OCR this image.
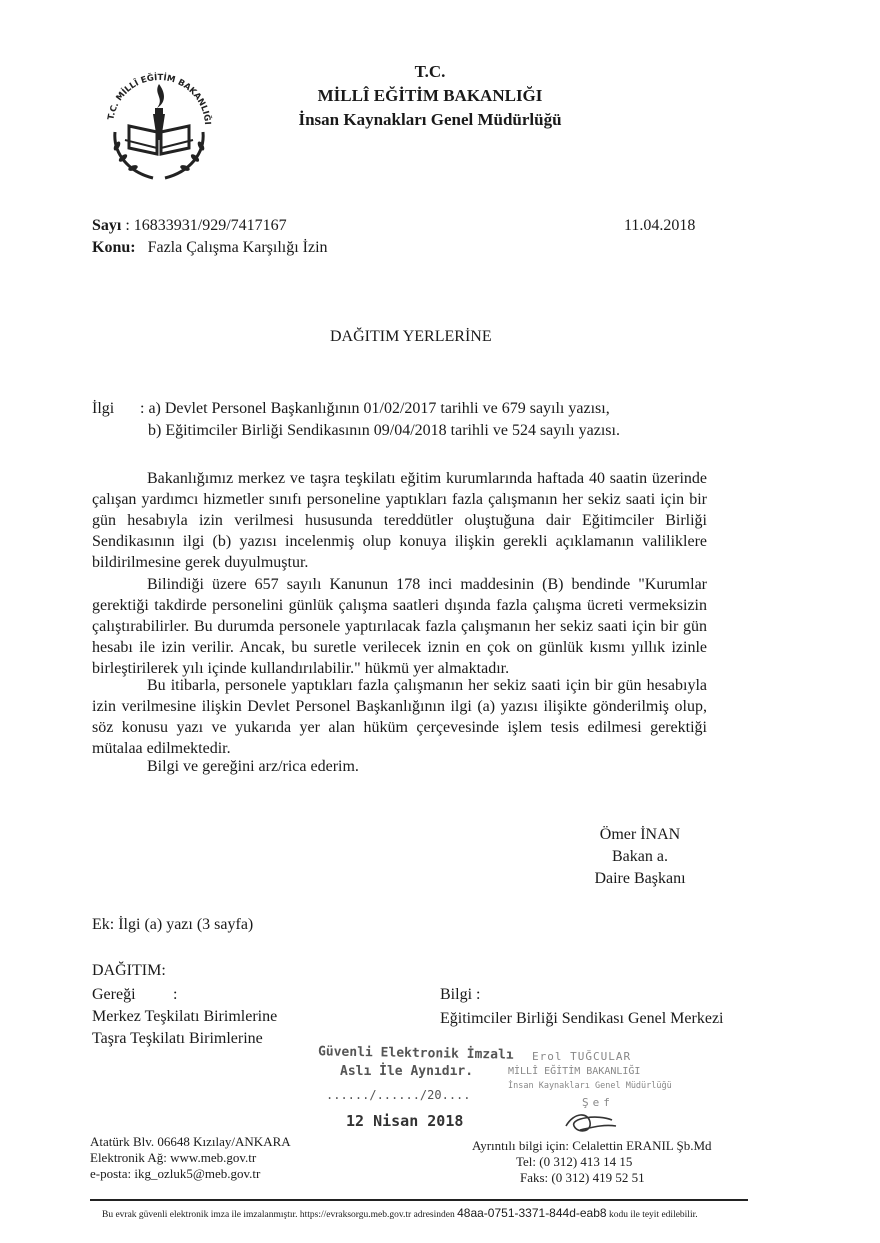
T.C. MİLLÎ EĞİTİM BAKANLIĞI
T.C.
MİLLÎ EĞİTİM BAKANLIĞI
İnsan Kaynakları Genel Müdürlüğü
Sayı : 16833931/929/7417167	11.04.2018
Konu: Fazla Çalışma Karşılığı İzin
DAĞITIM YERLERİNE
İlgi : a) Devlet Personel Başkanlığının 01/02/2017 tarihli ve 679 sayılı yazısı,
b) Eğitimciler Birliği Sendikasının 09/04/2018 tarihli ve 524 sayılı yazısı.
Bakanlığımız merkez ve taşra teşkilatı eğitim kurumlarında haftada 40 saatin üzerinde çalışan yardımcı hizmetler sınıfı personeline yaptıkları fazla çalışmanın her sekiz saati için bir gün hesabıyla izin verilmesi hususunda tereddütler oluştuğuna dair Eğitimciler Birliği Sendikasının ilgi (b) yazısı incelenmiş olup konuya ilişkin gerekli açıklamanın valiliklere bildirilmesine gerek duyulmuştur.
Bilindiği üzere 657 sayılı Kanunun 178 inci maddesinin (B) bendinde "Kurumlar gerektiği takdirde personelini günlük çalışma saatleri dışında fazla çalışma ücreti vermeksizin çalıştırabilirler. Bu durumda personele yaptırılacak fazla çalışmanın her sekiz saati için bir gün hesabı ile izin verilir. Ancak, bu suretle verilecek iznin en çok on günlük kısmı yıllık izinle birleştirilerek yılı içinde kullandırılabilir." hükmü yer almaktadır.
Bu itibarla, personele yaptıkları fazla çalışmanın her sekiz saati için bir gün hesabıyla izin verilmesine ilişkin Devlet Personel Başkanlığının ilgi (a) yazısı ilişikte gönderilmiş olup, söz konusu yazı ve yukarıda yer alan hüküm çerçevesinde işlem tesis edilmesi gerektiği mütalaa edilmektedir.
Bilgi ve gereğini arz/rica ederim.
Ömer İNAN
Bakan a.
Daire Başkanı
Ek: İlgi (a) yazı (3 sayfa)
DAĞITIM:
Gereği :
Merkez Teşkilatı Birimlerine
Taşra Teşkilatı Birimlerine
Bilgi :
Eğitimciler Birliği Sendikası Genel Merkezi
Güvenli Elektronik İmzalı
Aslı İle Aynıdır.
....../....../20....
12 Nisan 2018
Erol TUĞCULAR
MİLLÎ EĞİTİM BAKANLIĞI
İnsan Kaynakları Genel Müdürlüğü
Şef
Atatürk Blv. 06648 Kızılay/ANKARA
Elektronik Ağ: www.meb.gov.tr
e-posta: ikg_ozluk5@meb.gov.tr
Ayrıntılı bilgi için: Celalettin ERANIL Şb.Md
Tel: (0 312) 413 14 15
Faks: (0 312) 419 52 51
Bu evrak güvenli elektronik imza ile imzalanmıştır. https://evraksorgu.meb.gov.tr adresinden 48aa-0751-3371-844d-eab8 kodu ile teyit edilebilir.
